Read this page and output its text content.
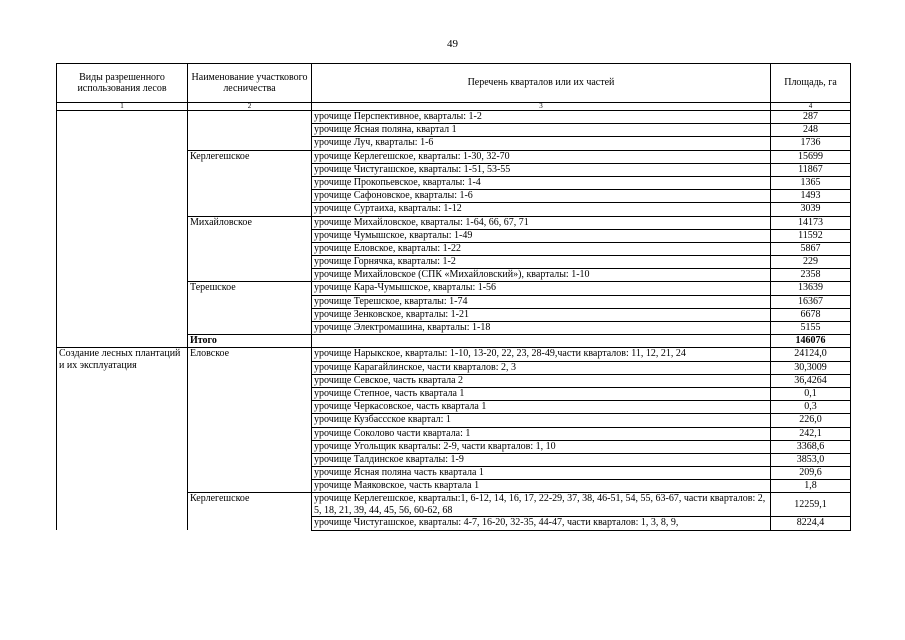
49
Виды разрешенного использования лесов	Наименование участкового лесничества	Перечень кварталов или их частей	Площадь, га
1	2	3	4
		урочище Перспективное, кварталы: 1-2	287
		урочище Ясная поляна, квартал 1	248
		урочище Луч, кварталы: 1-6	1736
	Керлегешское	урочище Керлегешское, кварталы: 1-30, 32-70	15699
		урочище Чистугашское, кварталы: 1-51, 53-55	11867
		урочище Прокопьевское, кварталы: 1-4	1365
		урочище Сафоновское, кварталы: 1-6	1493
		урочище Суртаиха, кварталы: 1-12	3039
	Михайловское	урочище Михайловское, кварталы: 1-64, 66, 67, 71	14173
		урочище Чумышское, кварталы: 1-49	11592
		урочище Еловское, кварталы: 1-22	5867
		урочище Горнячка, кварталы: 1-2	229
		урочище Михайловское (СПК «Михайловский»), кварталы: 1-10	2358
	Терешское	урочище Кара-Чумышское, кварталы: 1-56	13639
		урочище Терешское, кварталы: 1-74	16367
		урочище Зенковское, кварталы: 1-21	6678
		урочище Электромашина, кварталы: 1-18	5155
	Итого		146076
Создание лесных плантаций и их эксплуатация	Еловское	урочище Нарыкское, кварталы: 1-10, 13-20, 22, 23, 28-49,части кварталов: 11, 12, 21, 24	24124,0
		урочище Карагайлинское, части кварталов: 2, 3	30,3009
		урочище Севское, часть квартала 2	36,4264
		урочище Степное, часть квартала 1	0,1
		урочище Черкасовское, часть квартала 1	0,3
		урочище Кузбассское квартал: 1	226,0
		урочище Соколово части квартала: 1	242,1
		урочище Угольщик кварталы: 2-9, части кварталов: 1, 10	3368,6
		урочище Талдинское кварталы: 1-9	3853,0
		урочище Ясная поляна часть квартала 1	209,6
		урочище Маяковское, часть квартала 1	1,8
	Керлегешское	урочище Керлегешское, кварталы:1, 6-12, 14, 16, 17, 22-29, 37, 38, 46-51, 54, 55, 63-67, части кварталов: 2, 5, 18, 21, 39, 44, 45, 56, 60-62, 68	12259,1
		урочище Чистугашское, кварталы: 4-7, 16-20, 32-35, 44-47, части кварталов: 1, 3, 8, 9,	8224,4
